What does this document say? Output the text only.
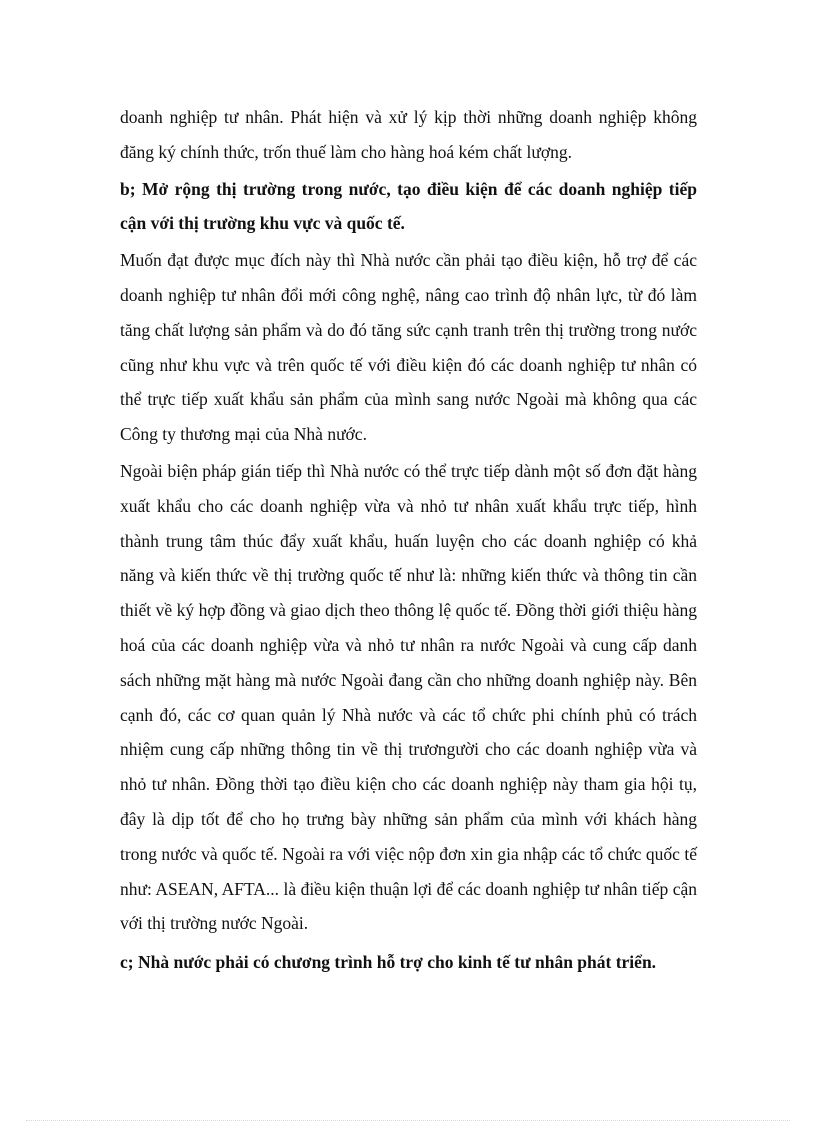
doanh nghiệp tư nhân. Phát hiện và xử lý kịp thời những doanh nghiệp không đăng ký chính thức, trốn thuế làm cho hàng hoá kém chất lượng.

b; Mở rộng thị trường trong nước, tạo điều kiện để các doanh nghiệp tiếp cận với thị trường khu vực và quốc tế.

Muốn đạt được mục đích này thì Nhà nước cần phải tạo điều kiện, hỗ trợ để các doanh nghiệp tư nhân đổi mới công nghệ, nâng cao trình độ nhân lực, từ đó làm tăng chất lượng sản phẩm và do đó tăng sức cạnh tranh trên thị trường trong nước cũng như khu vực và trên quốc tế với điều kiện đó các doanh nghiệp tư nhân có thể trực tiếp xuất khẩu sản phẩm của mình sang nước Ngoài mà không qua các Công ty thương mại của Nhà nước.

Ngoài biện pháp gián tiếp thì Nhà nước có thể trực tiếp dành một số đơn đặt hàng xuất khẩu cho các doanh nghiệp vừa và nhỏ tư nhân xuất khẩu trực tiếp, hình thành trung tâm thúc đẩy xuất khẩu, huấn luyện cho các doanh nghiệp có khả năng và kiến thức về thị trường quốc tế như là: những kiến thức và thông tin cần thiết về ký hợp đồng và giao dịch theo thông lệ quốc tế. Đồng thời giới thiệu hàng hoá của các doanh nghiệp vừa và nhỏ tư nhân ra nước Ngoài và cung cấp danh sách những mặt hàng mà nước Ngoài đang cần cho những doanh nghiệp này. Bên cạnh đó, các cơ quan quản lý Nhà nước và các tổ chức phi chính phủ có trách nhiệm cung cấp những thông tin về thị trươngười cho các doanh nghiệp vừa và nhỏ tư nhân. Đồng thời tạo điều kiện cho các doanh nghiệp này tham gia hội tụ, đây là dịp tốt để cho họ trưng bày những sản phẩm của mình với khách hàng trong nước và quốc tế. Ngoài ra với việc nộp đơn xin gia nhập các tổ chức quốc tế như: ASEAN, AFTA... là điều kiện thuận lợi để các doanh nghiệp tư nhân tiếp cận với thị trường nước Ngoài.

c; Nhà nước phải có chương trình hỗ trợ cho kinh tế tư nhân phát triển.
